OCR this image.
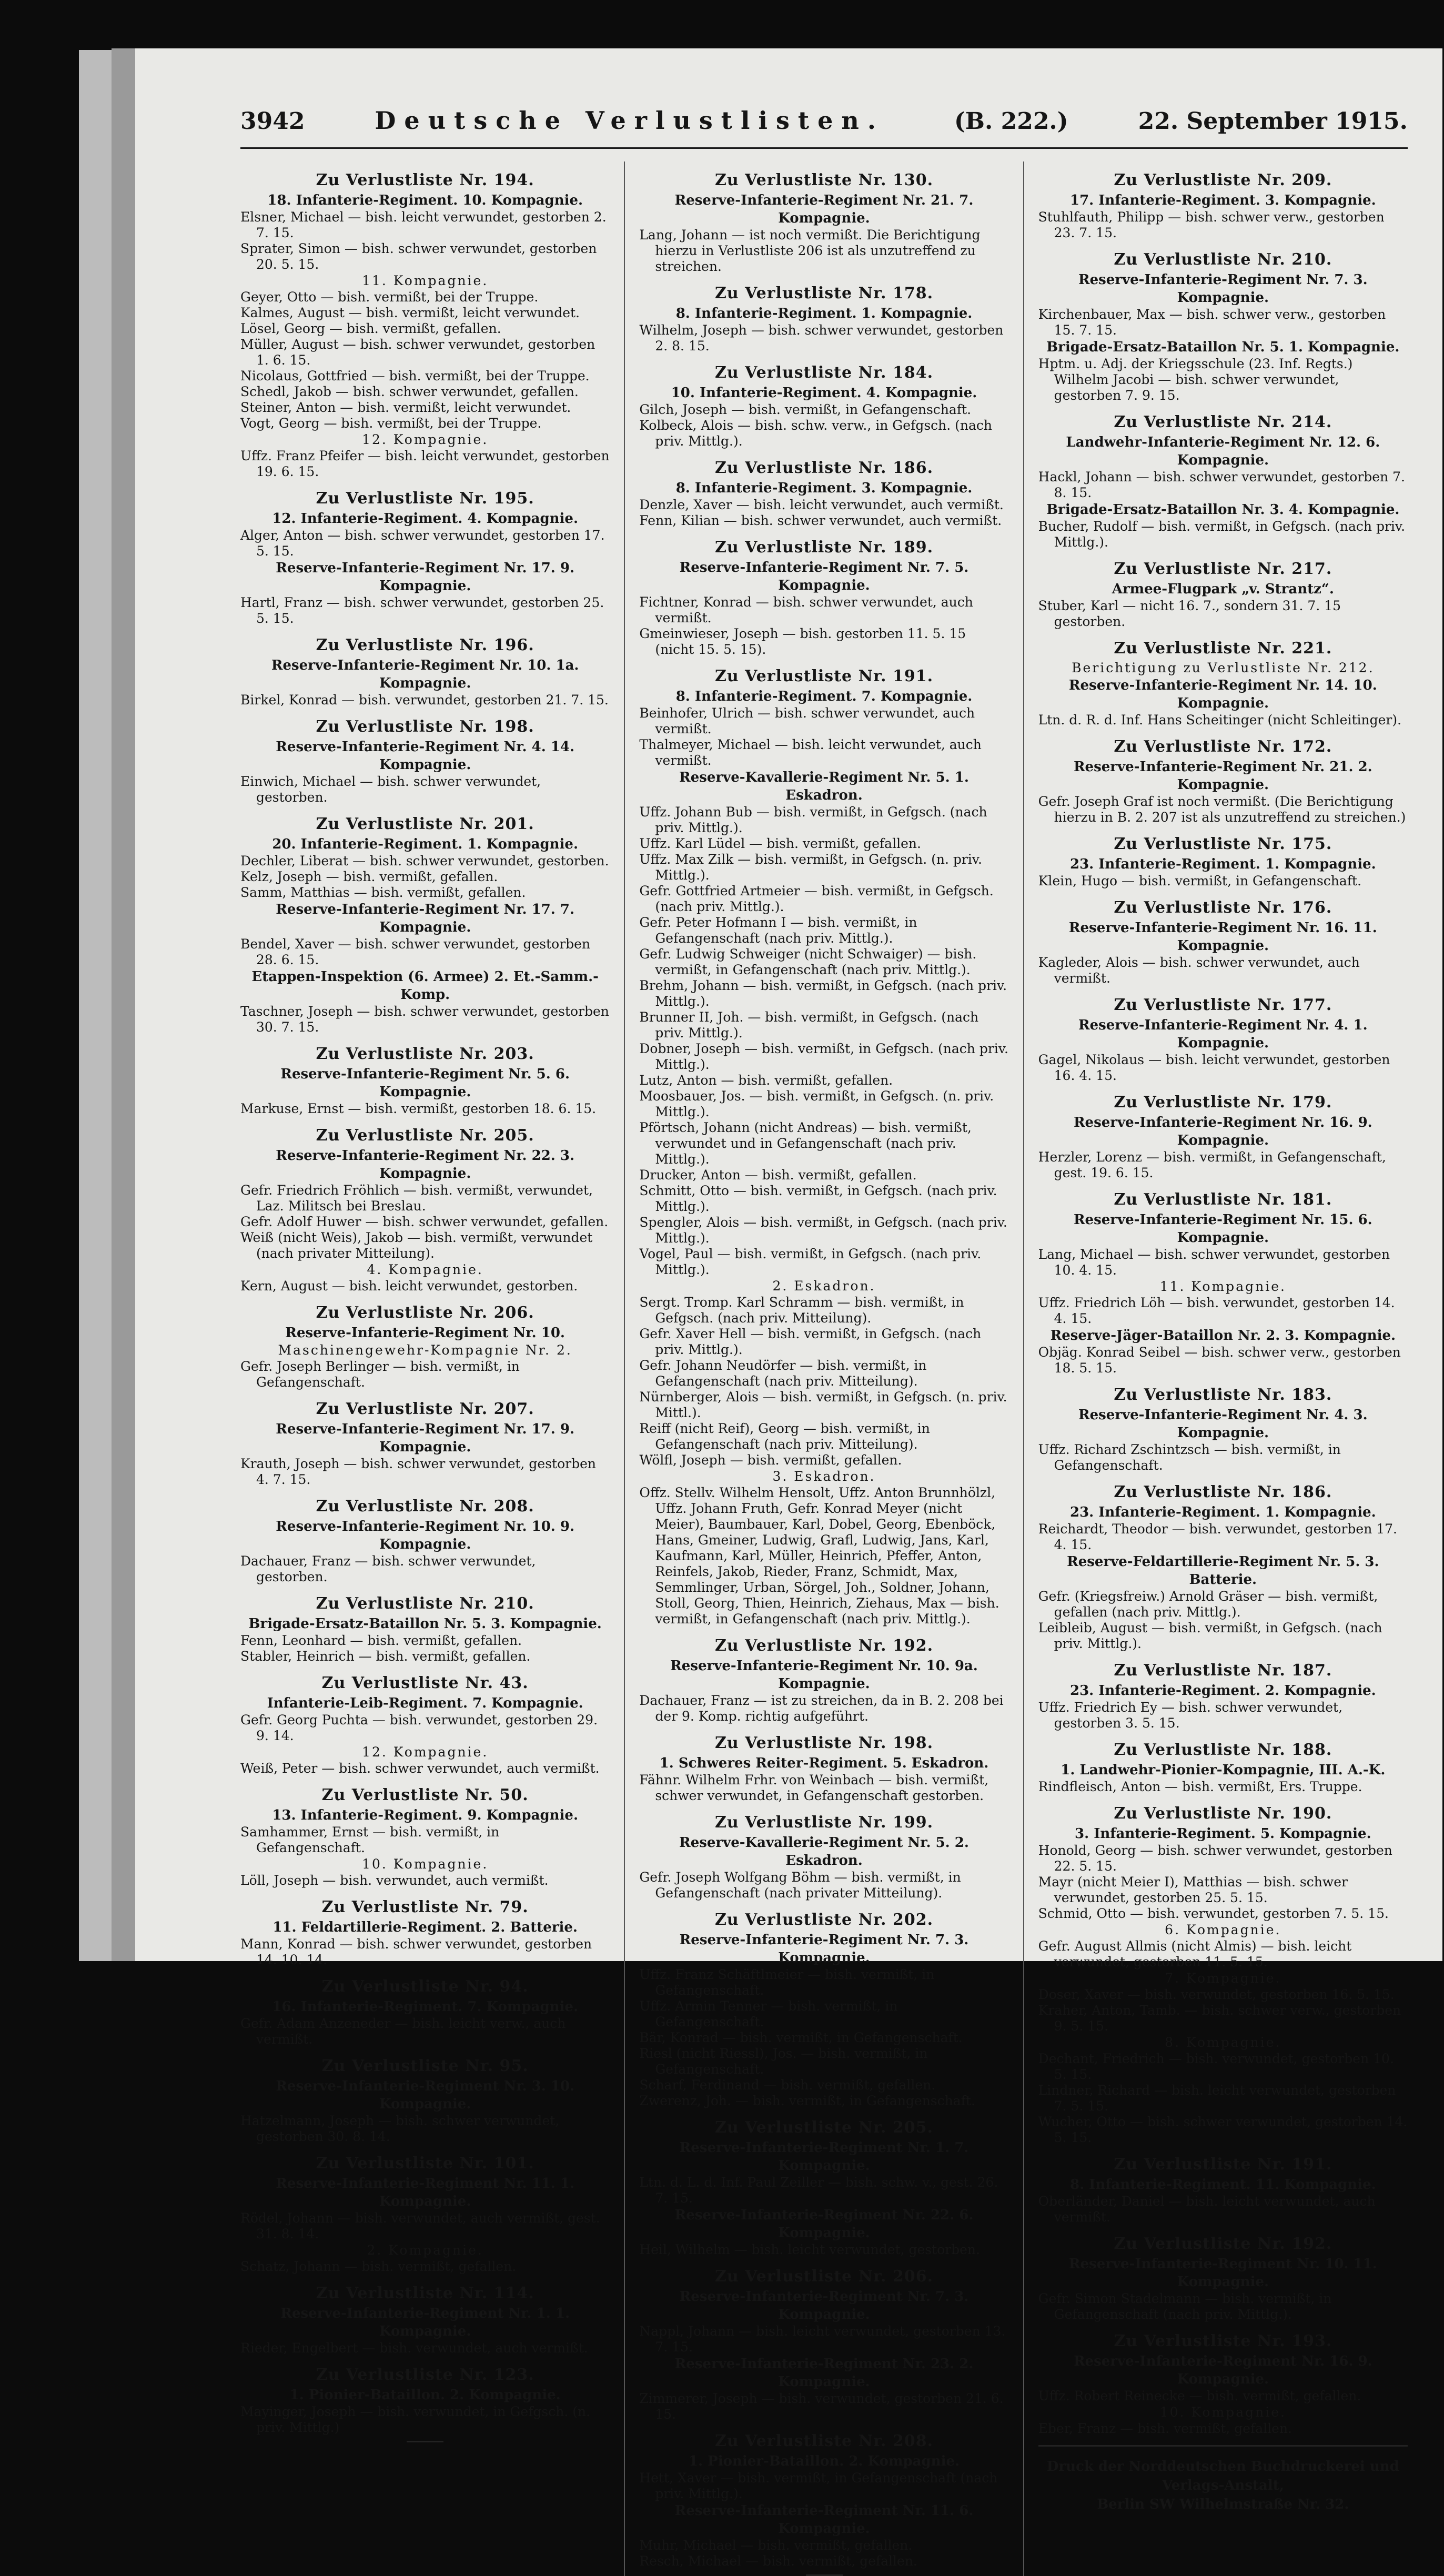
3942	Deutsche Verlustlisten.	(B. 222.)	22. September 1915.
Zu Verlustliste Nr. 194.
18. Infanterie-Regiment. 10. Kompagnie.
Elsner, Michael — bish. leicht verwundet, gestorben 2. 7. 15.
Sprater, Simon — bish. schwer verwundet, gestorben 20. 5. 15.
11. Kompagnie.
Geyer, Otto — bish. vermißt, bei der Truppe.
Kalmes, August — bish. vermißt, leicht verwundet.
Lösel, Georg — bish. vermißt, gefallen.
Müller, August — bish. schwer verwundet, gestorben 1. 6. 15.
Nicolaus, Gottfried — bish. vermißt, bei der Truppe.
Schedl, Jakob — bish. schwer verwundet, gefallen.
Steiner, Anton — bish. vermißt, leicht verwundet.
Vogt, Georg — bish. vermißt, bei der Truppe.
12. Kompagnie.
Uffz. Franz Pfeifer — bish. leicht verwundet, gestorben 19. 6. 15.
Zu Verlustliste Nr. 195.
12. Infanterie-Regiment. 4. Kompagnie.
Alger, Anton — bish. schwer verwundet, gestorben 17. 5. 15.
Reserve-Infanterie-Regiment Nr. 17. 9. Kompagnie.
Hartl, Franz — bish. schwer verwundet, gestorben 25. 5. 15.
Zu Verlustliste Nr. 196.
Reserve-Infanterie-Regiment Nr. 10. 1a. Kompagnie.
Birkel, Konrad — bish. verwundet, gestorben 21. 7. 15.
Zu Verlustliste Nr. 198.
Reserve-Infanterie-Regiment Nr. 4. 14. Kompagnie.
Einwich, Michael — bish. schwer verwundet, gestorben.
Zu Verlustliste Nr. 201.
20. Infanterie-Regiment. 1. Kompagnie.
Dechler, Liberat — bish. schwer verwundet, gestorben.
Kelz, Joseph — bish. vermißt, gefallen.
Samm, Matthias — bish. vermißt, gefallen.
Reserve-Infanterie-Regiment Nr. 17. 7. Kompagnie.
Bendel, Xaver — bish. schwer verwundet, gestorben 28. 6. 15.
Etappen-Inspektion (6. Armee) 2. Et.-Samm.-Komp.
Taschner, Joseph — bish. schwer verwundet, gestorben 30. 7. 15.
Zu Verlustliste Nr. 203.
Reserve-Infanterie-Regiment Nr. 5. 6. Kompagnie.
Markuse, Ernst — bish. vermißt, gestorben 18. 6. 15.
Zu Verlustliste Nr. 205.
Reserve-Infanterie-Regiment Nr. 22. 3. Kompagnie.
Gefr. Friedrich Fröhlich — bish. vermißt, verwundet, Laz. Militsch bei Breslau.
Gefr. Adolf Huwer — bish. schwer verwundet, gefallen.
Weiß (nicht Weis), Jakob — bish. vermißt, verwundet (nach privater Mitteilung).
4. Kompagnie.
Kern, August — bish. leicht verwundet, gestorben.
Zu Verlustliste Nr. 206.
Reserve-Infanterie-Regiment Nr. 10.
Maschinengewehr-Kompagnie Nr. 2.
Gefr. Joseph Berlinger — bish. vermißt, in Gefangenschaft.
Zu Verlustliste Nr. 207.
Reserve-Infanterie-Regiment Nr. 17. 9. Kompagnie.
Krauth, Joseph — bish. schwer verwundet, gestorben 4. 7. 15.
Zu Verlustliste Nr. 208.
Reserve-Infanterie-Regiment Nr. 10. 9. Kompagnie.
Dachauer, Franz — bish. schwer verwundet, gestorben.
Zu Verlustliste Nr. 210.
Brigade-Ersatz-Bataillon Nr. 5. 3. Kompagnie.
Fenn, Leonhard — bish. vermißt, gefallen.
Stabler, Heinrich — bish. vermißt, gefallen.
Zu Verlustliste Nr. 43.
Infanterie-Leib-Regiment. 7. Kompagnie.
Gefr. Georg Puchta — bish. verwundet, gestorben 29. 9. 14.
12. Kompagnie.
Weiß, Peter — bish. schwer verwundet, auch vermißt.
Zu Verlustliste Nr. 50.
13. Infanterie-Regiment. 9. Kompagnie.
Samhammer, Ernst — bish. vermißt, in Gefangenschaft.
10. Kompagnie.
Löll, Joseph — bish. verwundet, auch vermißt.
Zu Verlustliste Nr. 79.
11. Feldartillerie-Regiment. 2. Batterie.
Mann, Konrad — bish. schwer verwundet, gestorben 14. 10. 14.
Zu Verlustliste Nr. 94.
16. Infanterie-Regiment. 7. Kompagnie.
Gefr. Adam Anzeneder — bish. leicht verw., auch vermißt.
Zu Verlustliste Nr. 95.
Reserve-Infanterie-Regiment Nr. 3. 10. Kompagnie.
Hatzelmann, Joseph — bish. schwer verwundet, gestorben 30. 8. 14.
Zu Verlustliste Nr. 101.
Reserve-Infanterie-Regiment Nr. 11. 1. Kompagnie.
Rödel, Johann — bish. verwundet, auch vermißt, gest. 31. 8. 14.
2. Kompagnie.
Schatz, Johann — bish. vermißt, gefallen.
Zu Verlustliste Nr. 114.
Reserve-Infanterie-Regiment Nr. 1. 1. Kompagnie.
Rieder, Engelbert — bish. verwundet, auch vermißt.
Zu Verlustliste Nr. 123.
1. Pionier-Bataillon. 2. Kompagnie.
Mayinger, Joseph — bish. verwundet, in Gefgsch. (n. priv. Mittlg.)
Zu Verlustliste Nr. 130.
Reserve-Infanterie-Regiment Nr. 21. 7. Kompagnie.
Lang, Johann — ist noch vermißt. Die Berichtigung hierzu in Verlustliste 206 ist als unzutreffend zu streichen.
Zu Verlustliste Nr. 178.
8. Infanterie-Regiment. 1. Kompagnie.
Wilhelm, Joseph — bish. schwer verwundet, gestorben 2. 8. 15.
Zu Verlustliste Nr. 184.
10. Infanterie-Regiment. 4. Kompagnie.
Gilch, Joseph — bish. vermißt, in Gefangenschaft.
Kolbeck, Alois — bish. schw. verw., in Gefgsch. (nach priv. Mittlg.).
Zu Verlustliste Nr. 186.
8. Infanterie-Regiment. 3. Kompagnie.
Denzle, Xaver — bish. leicht verwundet, auch vermißt.
Fenn, Kilian — bish. schwer verwundet, auch vermißt.
Zu Verlustliste Nr. 189.
Reserve-Infanterie-Regiment Nr. 7. 5. Kompagnie.
Fichtner, Konrad — bish. schwer verwundet, auch vermißt.
Gmeinwieser, Joseph — bish. gestorben 11. 5. 15 (nicht 15. 5. 15).
Zu Verlustliste Nr. 191.
8. Infanterie-Regiment. 7. Kompagnie.
Beinhofer, Ulrich — bish. schwer verwundet, auch vermißt.
Thalmeyer, Michael — bish. leicht verwundet, auch vermißt.
Reserve-Kavallerie-Regiment Nr. 5. 1. Eskadron.
Uffz. Johann Bub — bish. vermißt, in Gefgsch. (nach priv. Mittlg.).
Uffz. Karl Lüdel — bish. vermißt, gefallen.
Uffz. Max Zilk — bish. vermißt, in Gefgsch. (n. priv. Mittlg.).
Gefr. Gottfried Artmeier — bish. vermißt, in Gefgsch. (nach priv. Mittlg.).
Gefr. Peter Hofmann I — bish. vermißt, in Gefangenschaft (nach priv. Mittlg.).
Gefr. Ludwig Schweiger (nicht Schwaiger) — bish. vermißt, in Gefangenschaft (nach priv. Mittlg.).
Brehm, Johann — bish. vermißt, in Gefgsch. (nach priv. Mittlg.).
Brunner II, Joh. — bish. vermißt, in Gefgsch. (nach priv. Mittlg.).
Dobner, Joseph — bish. vermißt, in Gefgsch. (nach priv. Mittlg.).
Lutz, Anton — bish. vermißt, gefallen.
Moosbauer, Jos. — bish. vermißt, in Gefgsch. (n. priv. Mittlg.).
Pförtsch, Johann (nicht Andreas) — bish. vermißt, verwundet und in Gefangenschaft (nach priv. Mittlg.).
Drucker, Anton — bish. vermißt, gefallen.
Schmitt, Otto — bish. vermißt, in Gefgsch. (nach priv. Mittlg.).
Spengler, Alois — bish. vermißt, in Gefgsch. (nach priv. Mittlg.).
Vogel, Paul — bish. vermißt, in Gefgsch. (nach priv. Mittlg.).
2. Eskadron.
Sergt. Tromp. Karl Schramm — bish. vermißt, in Gefgsch. (nach priv. Mitteilung).
Gefr. Xaver Hell — bish. vermißt, in Gefgsch. (nach priv. Mittlg.).
Gefr. Johann Neudörfer — bish. vermißt, in Gefangenschaft (nach priv. Mitteilung).
Nürnberger, Alois — bish. vermißt, in Gefgsch. (n. priv. Mittl.).
Reiff (nicht Reif), Georg — bish. vermißt, in Gefangenschaft (nach priv. Mitteilung).
Wölfl, Joseph — bish. vermißt, gefallen.
3. Eskadron.
Offz. Stellv. Wilhelm Hensolt, Uffz. Anton Brunnhölzl, Uffz. Johann Fruth, Gefr. Konrad Meyer (nicht Meier), Baumbauer, Karl, Dobel, Georg, Ebenböck, Hans, Gmeiner, Ludwig, Grafl, Ludwig, Jans, Karl, Kaufmann, Karl, Müller, Heinrich, Pfeffer, Anton, Reinfels, Jakob, Rieder, Franz, Schmidt, Max, Semmlinger, Urban, Sörgel, Joh., Soldner, Johann, Stoll, Georg, Thien, Heinrich, Ziehaus, Max — bish. vermißt, in Gefangenschaft (nach priv. Mittlg.).
Zu Verlustliste Nr. 192.
Reserve-Infanterie-Regiment Nr. 10. 9a. Kompagnie.
Dachauer, Franz — ist zu streichen, da in B. 2. 208 bei der 9. Komp. richtig aufgeführt.
Zu Verlustliste Nr. 198.
1. Schweres Reiter-Regiment. 5. Eskadron.
Fähnr. Wilhelm Frhr. von Weinbach — bish. vermißt, schwer verwundet, in Gefangenschaft gestorben.
Zu Verlustliste Nr. 199.
Reserve-Kavallerie-Regiment Nr. 5. 2. Eskadron.
Gefr. Joseph Wolfgang Böhm — bish. vermißt, in Gefangenschaft (nach privater Mitteilung).
Zu Verlustliste Nr. 202.
Reserve-Infanterie-Regiment Nr. 7. 3. Kompagnie.
Uffz. Franz Schäftlmeier — bish. vermißt, in Gefangenschaft.
Uffz. Armin Tenner — bish. vermißt, in Gefangenschaft.
Bär, Konrad — bish. vermißt, in Gefangenschaft.
Riesl (nicht Riessl), Jos. — bish. vermißt, in Gefangenschaft.
Scharf, Ferdinand — bish. vermißt, gefallen.
Zwerenz, Joh. — bish. vermißt, in Gefangenschaft.
Zu Verlustliste Nr. 205.
Reserve-Infanterie-Regiment Nr. 1. 7. Kompagnie.
Ltn. d. L. d. Inf. Paul Zeiller — bish. schw. v., gest. 26. 7. 15.
Reserve-Infanterie-Regiment Nr. 22. 6. Kompagnie.
Heil, Wilhelm — bish. leicht verwundet, gestorben.
Zu Verlustliste Nr. 206.
Reserve-Infanterie-Regiment Nr. 7. 3. Kompagnie.
Nappl, Johann — bish. leicht verwundet, gestorben 13. 7. 15.
Reserve-Infanterie-Regiment Nr. 23. 2. Kompagnie.
Zimmerer, Joseph — bish. verwundet, gestorben 21. 6. 15.
Zu Verlustliste Nr. 208.
1. Pionier-Bataillon. 2. Kompagnie.
Hett, Xaver — bish. vermißt, in Gefangenschaft (nach priv. Mittlg.).
Reserve-Infanterie-Regiment Nr. 11. 6. Kompagnie.
Muhr, Michael — bish. vermißt, gefallen.
Resch, Michael — bish. vermißt, gefallen.
Zu Verlustliste Nr. 209.
17. Infanterie-Regiment. 3. Kompagnie.
Stuhlfauth, Philipp — bish. schwer verw., gestorben 23. 7. 15.
Zu Verlustliste Nr. 210.
Reserve-Infanterie-Regiment Nr. 7. 3. Kompagnie.
Kirchenbauer, Max — bish. schwer verw., gestorben 15. 7. 15.
Brigade-Ersatz-Bataillon Nr. 5. 1. Kompagnie.
Hptm. u. Adj. der Kriegsschule (23. Inf. Regts.) Wilhelm Jacobi — bish. schwer verwundet, gestorben 7. 9. 15.
Zu Verlustliste Nr. 214.
Landwehr-Infanterie-Regiment Nr. 12. 6. Kompagnie.
Hackl, Johann — bish. schwer verwundet, gestorben 7. 8. 15.
Brigade-Ersatz-Bataillon Nr. 3. 4. Kompagnie.
Bucher, Rudolf — bish. vermißt, in Gefgsch. (nach priv. Mittlg.).
Zu Verlustliste Nr. 217.
Armee-Flugpark „v. Strantz“.
Stuber, Karl — nicht 16. 7., sondern 31. 7. 15 gestorben.
Zu Verlustliste Nr. 221.
Berichtigung zu Verlustliste Nr. 212.
Reserve-Infanterie-Regiment Nr. 14. 10. Kompagnie.
Ltn. d. R. d. Inf. Hans Scheitinger (nicht Schleitinger).
Zu Verlustliste Nr. 172.
Reserve-Infanterie-Regiment Nr. 21. 2. Kompagnie.
Gefr. Joseph Graf ist noch vermißt. (Die Berichtigung hierzu in B. 2. 207 ist als unzutreffend zu streichen.)
Zu Verlustliste Nr. 175.
23. Infanterie-Regiment. 1. Kompagnie.
Klein, Hugo — bish. vermißt, in Gefangenschaft.
Zu Verlustliste Nr. 176.
Reserve-Infanterie-Regiment Nr. 16. 11. Kompagnie.
Kagleder, Alois — bish. schwer verwundet, auch vermißt.
Zu Verlustliste Nr. 177.
Reserve-Infanterie-Regiment Nr. 4. 1. Kompagnie.
Gagel, Nikolaus — bish. leicht verwundet, gestorben 16. 4. 15.
Zu Verlustliste Nr. 179.
Reserve-Infanterie-Regiment Nr. 16. 9. Kompagnie.
Herzler, Lorenz — bish. vermißt, in Gefangenschaft, gest. 19. 6. 15.
Zu Verlustliste Nr. 181.
Reserve-Infanterie-Regiment Nr. 15. 6. Kompagnie.
Lang, Michael — bish. schwer verwundet, gestorben 10. 4. 15.
11. Kompagnie.
Uffz. Friedrich Löh — bish. verwundet, gestorben 14. 4. 15.
Reserve-Jäger-Bataillon Nr. 2. 3. Kompagnie.
Objäg. Konrad Seibel — bish. schwer verw., gestorben 18. 5. 15.
Zu Verlustliste Nr. 183.
Reserve-Infanterie-Regiment Nr. 4. 3. Kompagnie.
Uffz. Richard Zschintzsch — bish. vermißt, in Gefangenschaft.
Zu Verlustliste Nr. 186.
23. Infanterie-Regiment. 1. Kompagnie.
Reichardt, Theodor — bish. verwundet, gestorben 17. 4. 15.
Reserve-Feldartillerie-Regiment Nr. 5. 3. Batterie.
Gefr. (Kriegsfreiw.) Arnold Gräser — bish. vermißt, gefallen (nach priv. Mittlg.).
Leibleib, August — bish. vermißt, in Gefgsch. (nach priv. Mittlg.).
Zu Verlustliste Nr. 187.
23. Infanterie-Regiment. 2. Kompagnie.
Uffz. Friedrich Ey — bish. schwer verwundet, gestorben 3. 5. 15.
Zu Verlustliste Nr. 188.
1. Landwehr-Pionier-Kompagnie, III. A.-K.
Rindfleisch, Anton — bish. vermißt, Ers. Truppe.
Zu Verlustliste Nr. 190.
3. Infanterie-Regiment. 5. Kompagnie.
Honold, Georg — bish. schwer verwundet, gestorben 22. 5. 15.
Mayr (nicht Meier I), Matthias — bish. schwer verwundet, gestorben 25. 5. 15.
Schmid, Otto — bish. verwundet, gestorben 7. 5. 15.
6. Kompagnie.
Gefr. August Allmis (nicht Almis) — bish. leicht verwundet, gestorben 11. 5. 15.
7. Kompagnie.
Doser, Xaver — bish. verwundet, gestorben 16. 5. 15.
Kraher, Anton, Tamb. — bish. schwer verw., gestorben 9. 5. 15.
8. Kompagnie.
Dechant, Friedrich — bish. verwundet, gestorben 10. 5. 15.
Lindner, Richard — bish. leicht verwundet, gestorben 7. 5. 15.
Wucher, Otto — bish. schwer verwundet, gestorben 14. 5. 15.
Zu Verlustliste Nr. 191.
8. Infanterie-Regiment. 11. Kompagnie.
Oberländer, Daniel — bish. leicht verwundet, auch vermißt.
Zu Verlustliste Nr. 192.
Reserve-Infanterie-Regiment Nr. 10. 11. Kompagnie.
Gefr. Simon Stadelmann — bish. vermißt, in Gefangenschaft (nach priv. Mittlg.).
Zu Verlustliste Nr. 193.
Reserve-Infanterie-Regiment Nr. 16. 9. Kompagnie.
Uffz. Robert Reinecke — bish. vermißt, gefallen.
10. Kompagnie.
Eber, Franz — bish. vermißt, gefallen.
Druck der Norddeutschen Buchdruckerei und Verlags-Anstalt,
Berlin SW Wilhelmstraße Nr. 32.
